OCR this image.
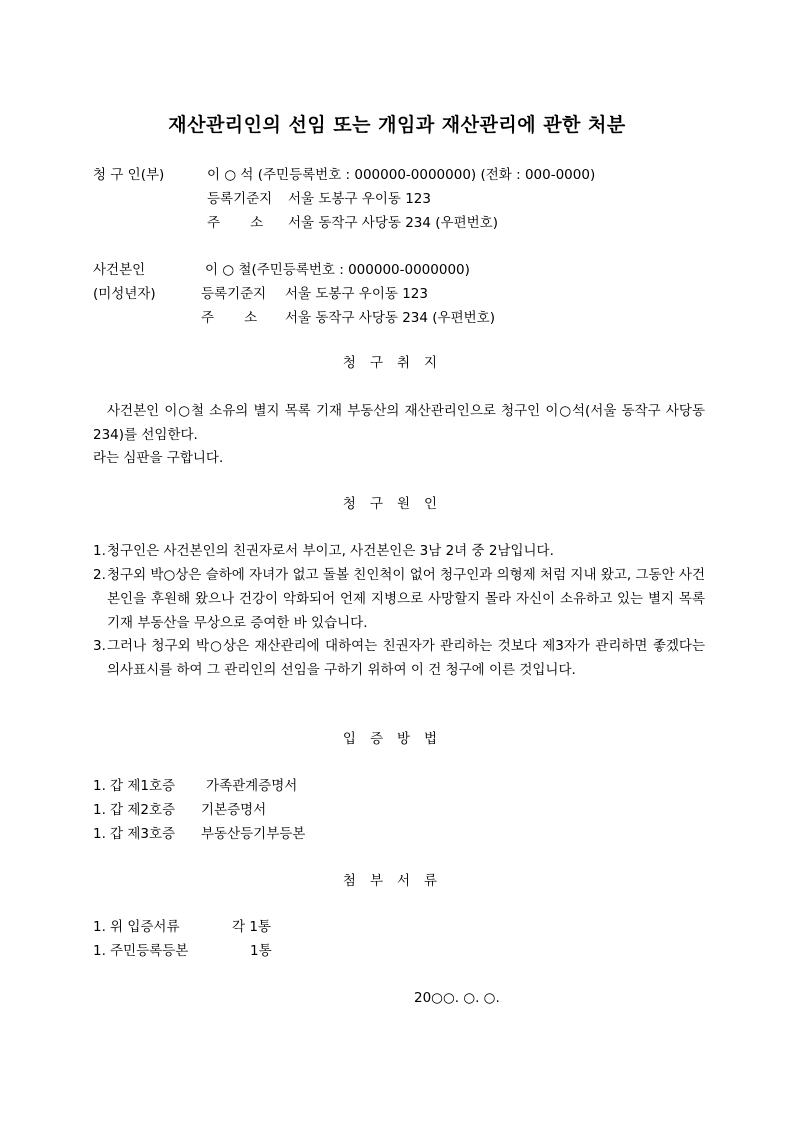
재산관리인의 선임 또는 개임과 재산관리에 관한 처분
청 구 인(부)	이 ○ 석 (주민등록번호 : 000000-0000000) (전화 : 000-0000)
등록기준지 서울 도봉구 우이동 123
주       소 서울 동작구 사당동 234 (우편번호)
사건본인	이 ○ 철(주민등록번호 : 000000-0000000)
(미성년자)	등록기준지 서울 도봉구 우이동 123
주       소 서울 동작구 사당동 234 (우편번호)
청구취지
사건본인 이○철 소유의 별지 목록 기재 부동산의 재산관리인으로 청구인 이○석(서울 동작구 사당동 234)를 선임한다.
라는 심판을 구합니다.
청구원인
1. 청구인은 사건본인의 친권자로서 부이고, 사건본인은 3남 2녀 중 2남입니다.
2. 청구외 박○상은 슬하에 자녀가 없고 돌볼 친인척이 없어 청구인과 의형제 처럼 지내 왔고, 그동안 사건본인을 후원해 왔으나 건강이 악화되어 언제 지병으로 사망할지 몰라 자신이 소유하고 있는 별지 목록 기재 부동산을 무상으로 증여한 바 있습니다.
3. 그러나 청구외 박○상은 재산관리에 대하여는 친권자가 관리하는 것보다 제3자가 관리하면 좋겠다는 의사표시를 하여 그 관리인의 선임을 구하기 위하여 이 건 청구에 이른 것입니다.
입증방법
1. 갑 제1호증 가족관계증명서
1. 갑 제2호증 기본증명서
1. 갑 제3호증 부동산등기부등본
첨부서류
1. 위 입증서류	각 1통
1. 주민등록등본	1통
20○○. ○. ○.
